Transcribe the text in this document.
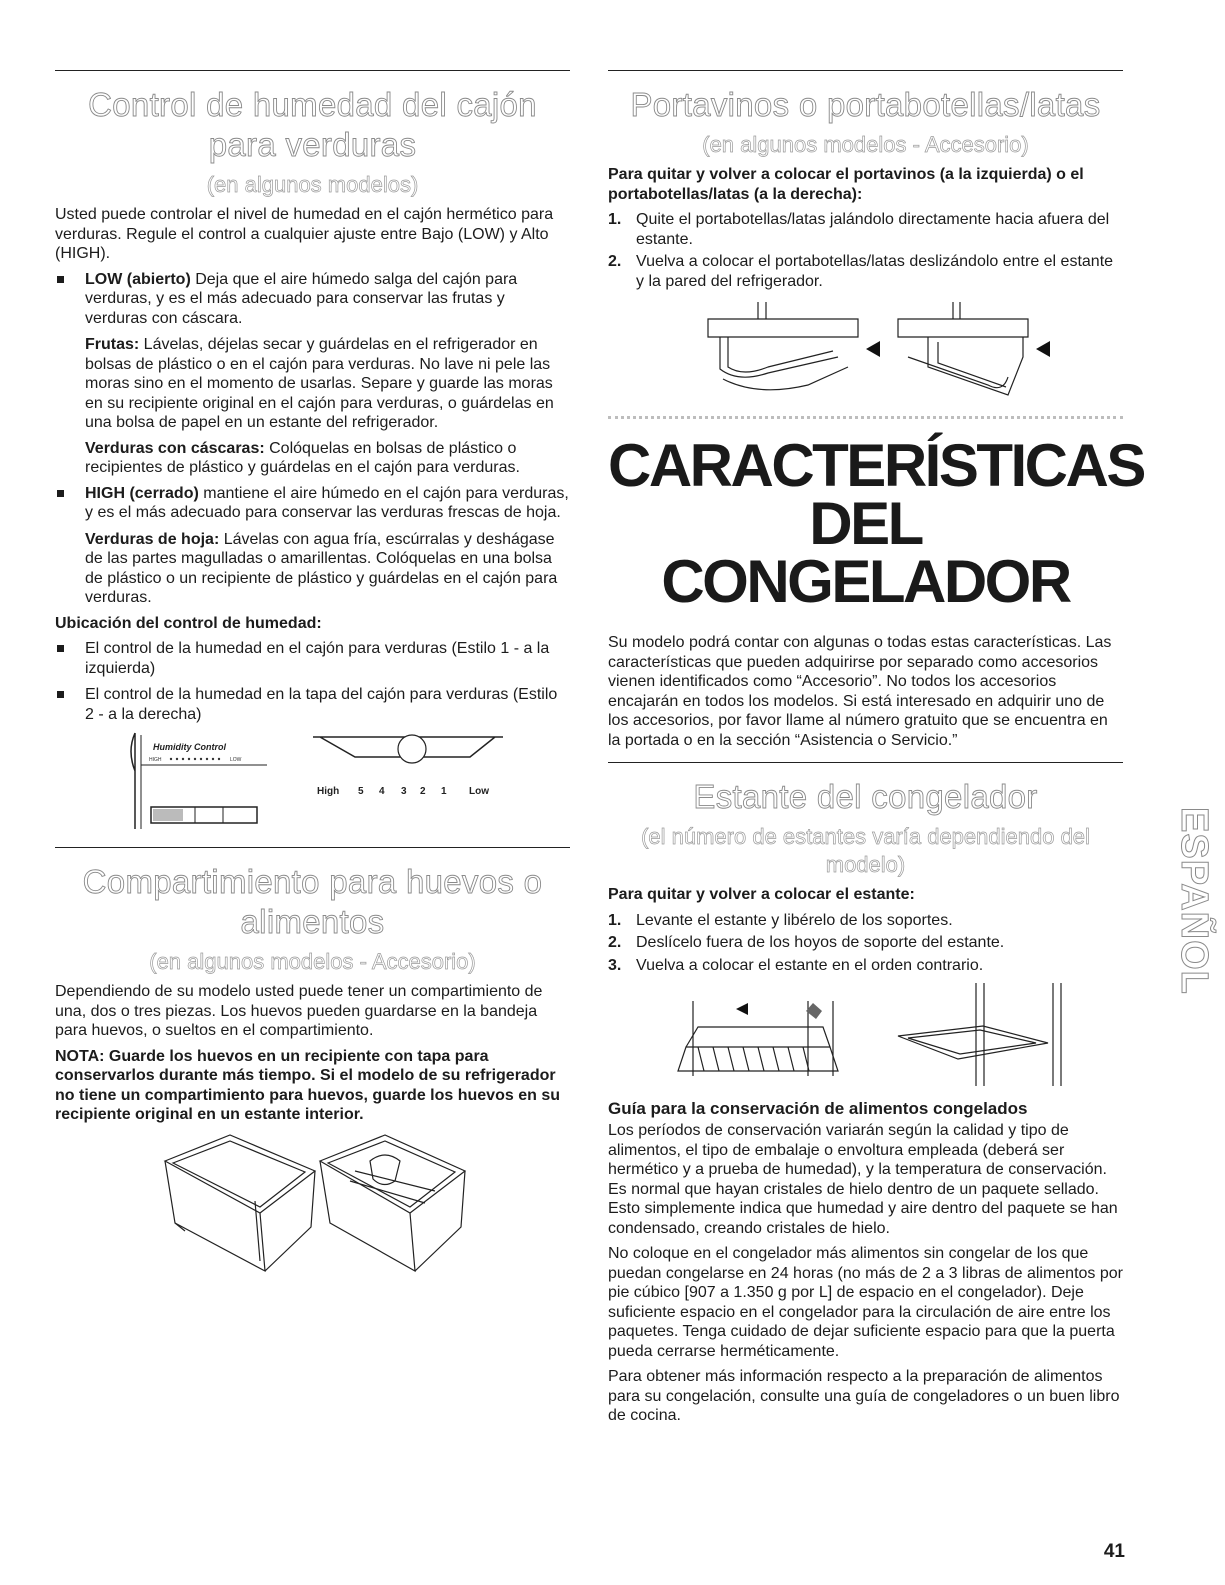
Control de humedad del cajón para verduras
(en algunos modelos)

Usted puede controlar el nivel de humedad en el cajón hermético para verduras. Regule el control a cualquier ajuste entre Bajo (LOW) y Alto (HIGH).

LOW (abierto) Deja que el aire húmedo salga del cajón para verduras, y es el más adecuado para conservar las frutas y verduras con cáscara.

Frutas: Lávelas, déjelas secar y guárdelas en el refrigerador en bolsas de plástico o en el cajón para verduras. No lave ni pele las moras sino en el momento de usarlas. Separe y guarde las moras en su recipiente original en el cajón para verduras, o guárdelas en una bolsa de papel en un estante del refrigerador.

Verduras con cáscaras: Colóquelas en bolsas de plástico o recipientes de plástico y guárdelas en el cajón para verduras.

HIGH (cerrado) mantiene el aire húmedo en el cajón para verduras, y es el más adecuado para conservar las verduras frescas de hoja.

Verduras de hoja: Lávelas con agua fría, escúrralas y deshágase de las partes magulladas o amarillentas. Colóquelas en una bolsa de plástico o un recipiente de plástico y guárdelas en el cajón para verduras.

Ubicación del control de humedad:

El control de la humedad en el cajón para verduras (Estilo 1 - a la izquierda)
El control de la humedad en la tapa del cajón para verduras (Estilo 2 - a la derecha)
Humidity Control
HIGH	LOW
High 5 4 3 2 1 Low
Compartimiento para huevos o alimentos
(en algunos modelos - Accesorio)

Dependiendo de su modelo usted puede tener un compartimiento de una, dos o tres piezas. Los huevos pueden guardarse en la bandeja para huevos, o sueltos en el compartimiento.

NOTA: Guarde los huevos en un recipiente con tapa para conservarlos durante más tiempo. Si el modelo de su refrigerador no tiene un compartimiento para huevos, guarde los huevos en su recipiente original en un estante interior.

Portavinos o portabotellas/latas
(en algunos modelos - Accesorio)

Para quitar y volver a colocar el portavinos (a la izquierda) o el portabotellas/latas (a la derecha):

1. Quite el portabotellas/latas jalándolo directamente hacia afuera del estante.
2. Vuelva a colocar el portabotellas/latas deslizándolo entre el estante y la pared del refrigerador.
CARACTERÍSTICAS DEL
CONGELADOR

Su modelo podrá contar con algunas o todas estas características. Las características que pueden adquirirse por separado como accesorios vienen identificados como “Accesorio”. No todos los accesorios encajarán en todos los modelos. Si está interesado en adquirir uno de los accesorios, por favor llame al número gratuito que se encuentra en la portada o en la sección “Asistencia o Servicio.”

Estante del congelador
(el número de estantes varía dependiendo del modelo)

Para quitar y volver a colocar el estante:

1. Levante el estante y libérelo de los soportes.
2. Deslícelo fuera de los hoyos de soporte del estante.
3. Vuelva a colocar el estante en el orden contrario.
Guía para la conservación de alimentos congelados

Los períodos de conservación variarán según la calidad y tipo de alimentos, el tipo de embalaje o envoltura empleada (deberá ser hermético y a prueba de humedad), y la temperatura de conservación. Es normal que hayan cristales de hielo dentro de un paquete sellado. Esto simplemente indica que humedad y aire dentro del paquete se han condensado, creando cristales de hielo.

No coloque en el congelador más alimentos sin congelar de los que puedan congelarse en 24 horas (no más de 2 a 3 libras de alimentos por pie cúbico [907 a 1.350 g por L] de espacio en el congelador). Deje suficiente espacio en el congelador para la circulación de aire entre los paquetes. Tenga cuidado de dejar suficiente espacio para que la puerta pueda cerrarse herméticamente.

Para obtener más información respecto a la preparación de alimentos para su congelación, consulte una guía de congeladores o un buen libro de cocina.

ESPAÑOL
41
